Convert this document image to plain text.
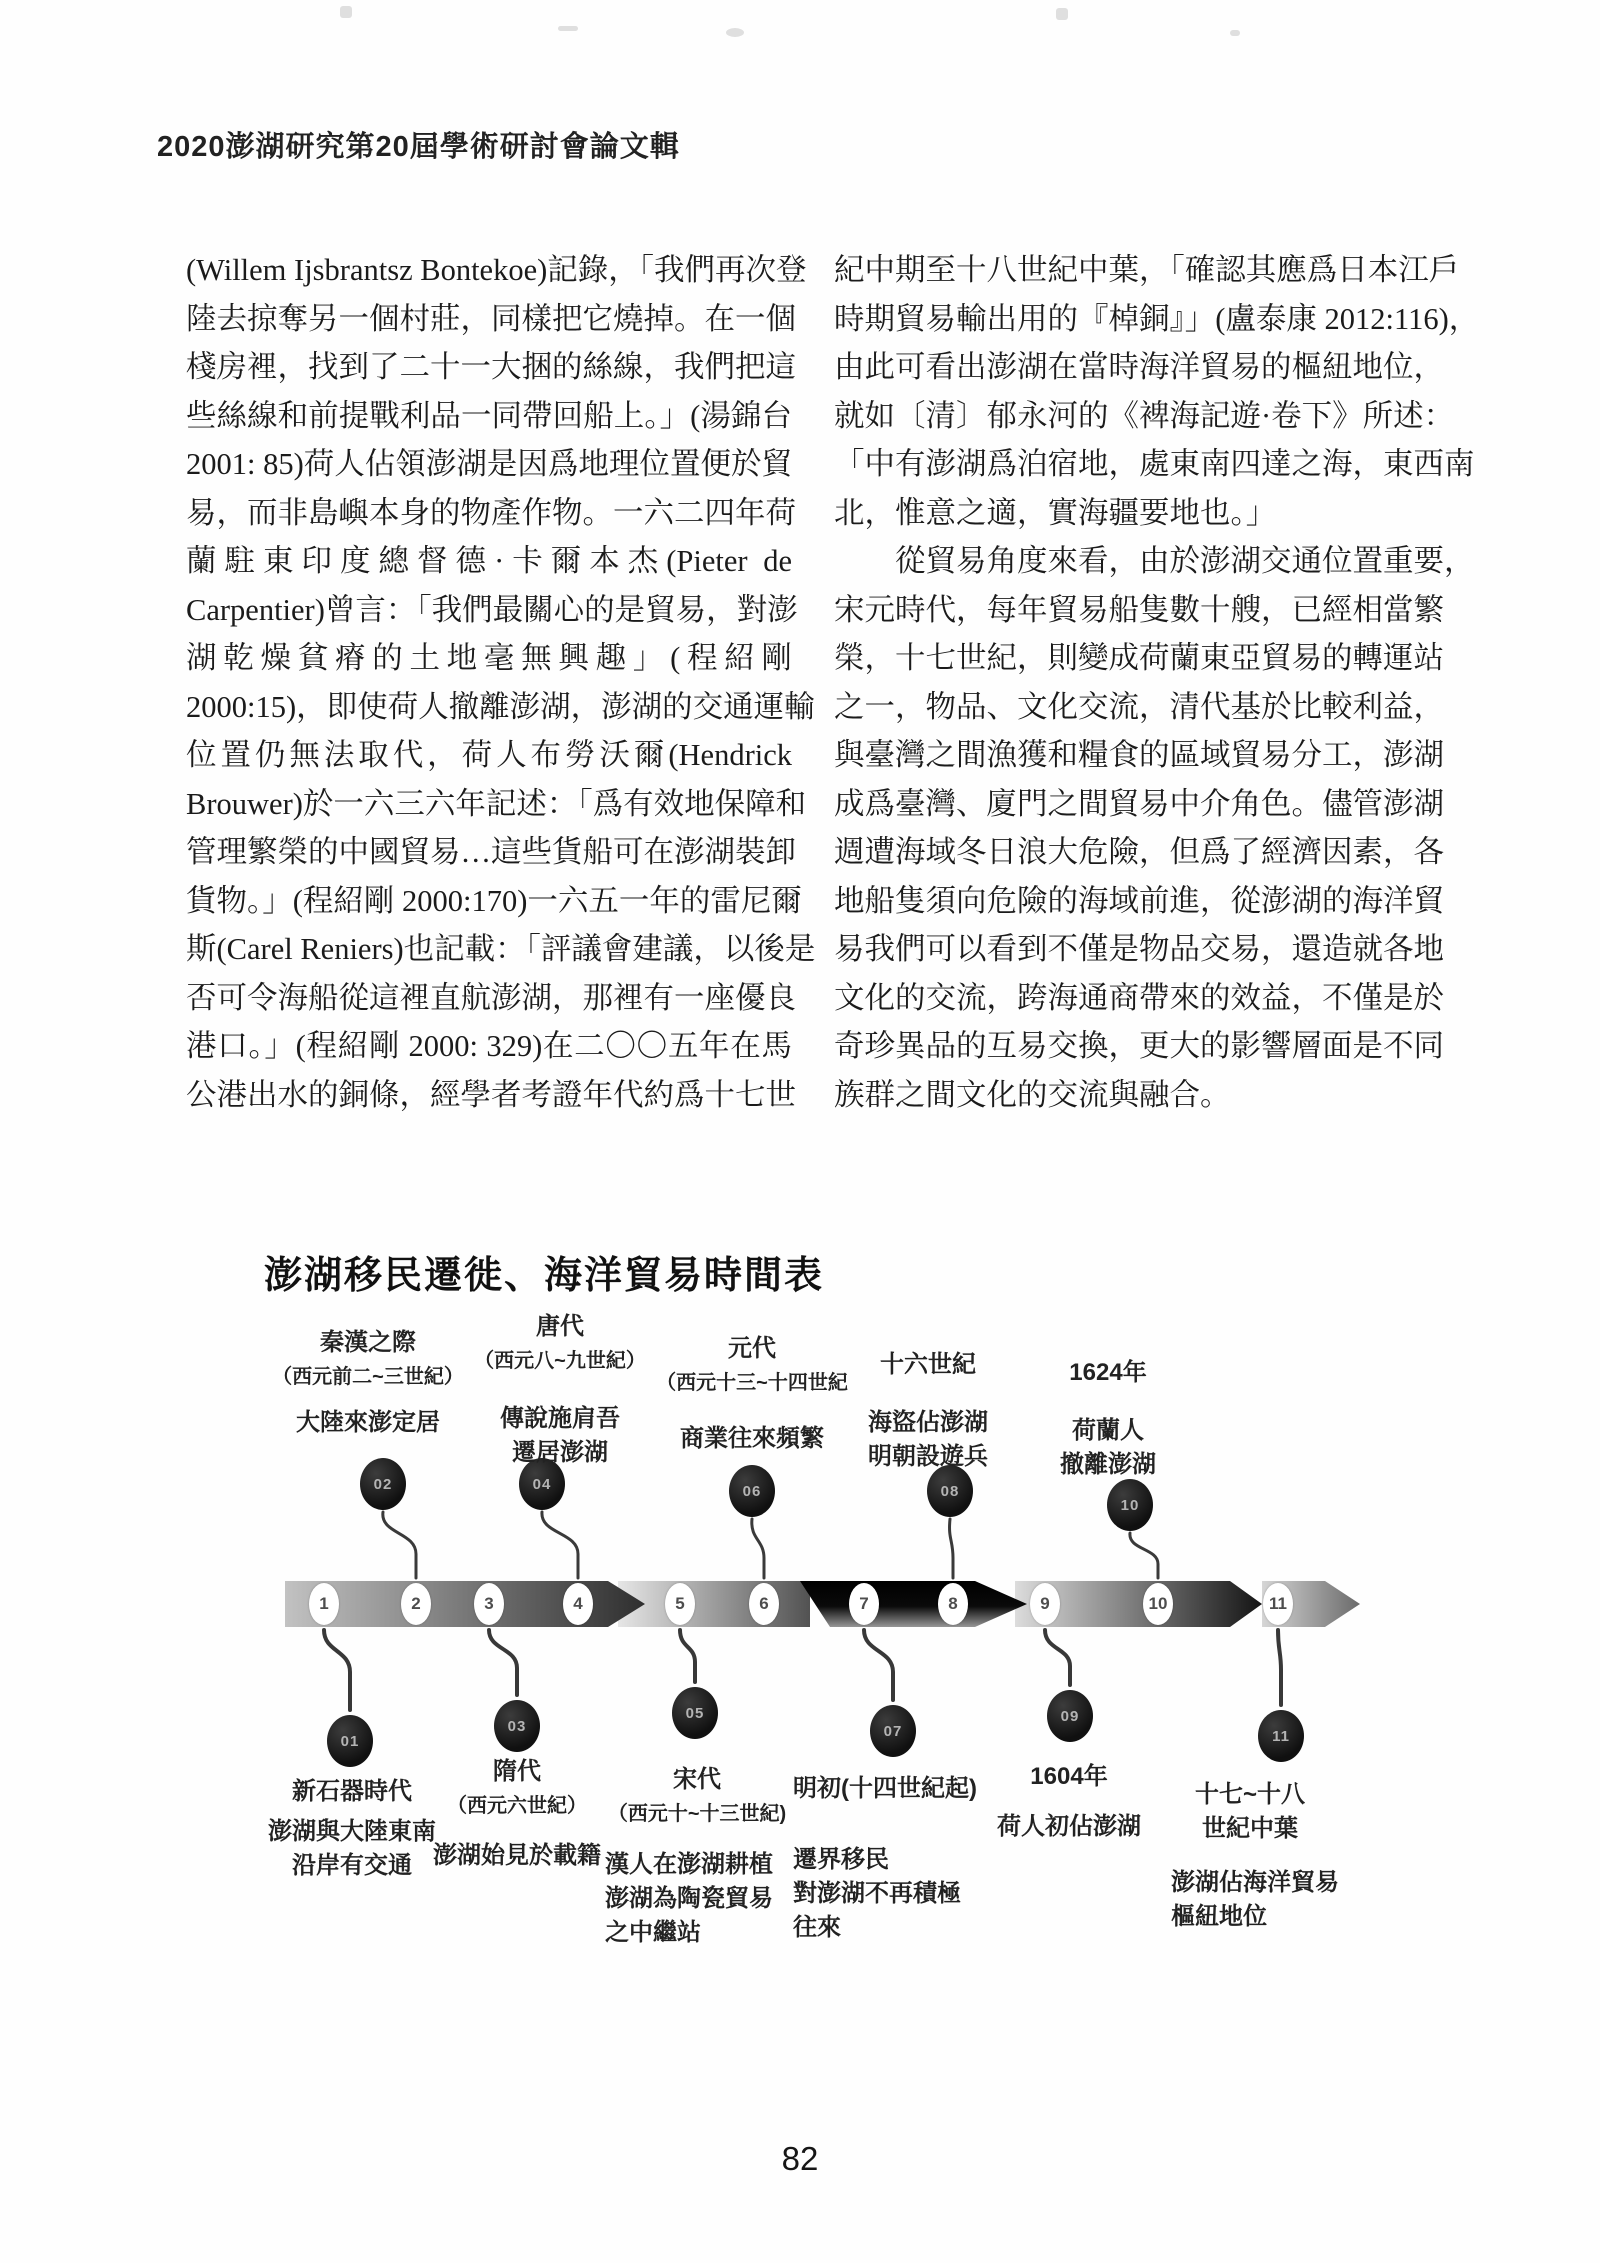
2020澎湖研究第20屆學術研討會論文輯
(Willem Ijsbrantsz Bontekoe)記錄，「我們再次登
陸去掠奪另一個村莊，同樣把它燒掉。在一個
棧房裡，找到了二十一大捆的絲線，我們把這
些絲線和前提戰利品一同帶回船上。」(湯錦台
2001: 85)荷人佔領澎湖是因爲地理位置便於貿
易，而非島嶼本身的物產作物。一六二四年荷
蘭駐東印度總督德·卡爾本杰(Pieter de
Carpentier)曾言：「我們最關心的是貿易，對澎
湖乾燥貧瘠的土地毫無興趣」(程紹剛
2000:15)，即使荷人撤離澎湖，澎湖的交通運輸
位置仍無法取代，荷人布勞沃爾(Hendrick
Brouwer)於一六三六年記述：「爲有效地保障和
管理繁榮的中國貿易…這些貨船可在澎湖裝卸
貨物。」(程紹剛 2000:170)一六五一年的雷尼爾
斯(Carel Reniers)也記載：「評議會建議，以後是
否可令海船從這裡直航澎湖，那裡有一座優良
港口。」(程紹剛 2000: 329)在二〇〇五年在馬
公港出水的銅條，經學者考證年代約爲十七世
紀中期至十八世紀中葉，「確認其應爲日本江戶
時期貿易輸出用的『棹銅』」(盧泰康 2012:116)，
由此可看出澎湖在當時海洋貿易的樞紐地位，
就如〔清〕郁永河的《裨海記遊·卷下》所述：
「中有澎湖爲泊宿地，處東南四達之海，東西南
北，惟意之適，實海疆要地也。」
從貿易角度來看，由於澎湖交通位置重要，
宋元時代，每年貿易船隻數十艘，已經相當繁
榮，十七世紀，則變成荷蘭東亞貿易的轉運站
之一，物品、文化交流，清代基於比較利益，
與臺灣之間漁獲和糧食的區域貿易分工，澎湖
成爲臺灣、廈門之間貿易中介角色。儘管澎湖
週遭海域冬日浪大危險，但爲了經濟因素，各
地船隻須向危險的海域前進，從澎湖的海洋貿
易我們可以看到不僅是物品交易，還造就各地
文化的交流，跨海通商帶來的效益，不僅是於
奇珍異品的互易交換，更大的影響層面是不同
族群之間文化的交流與融合。
澎湖移民遷徙、海洋貿易時間表
1	2	3	4	5	6	7	8	9	10	11
01
02
03
04
05
06
07
08
09
10
11
秦漢之際
（西元前二~三世紀）
大陸來澎定居
唐代
（西元八~九世紀）
傳說施肩吾
遷居澎湖
元代
（西元十三~十四世紀
商業往來頻繁
十六世紀
海盜佔澎湖
明朝設遊兵
1624年
荷蘭人
撤離澎湖
新石器時代
澎湖與大陸東南
沿岸有交通
隋代
（西元六世紀）
澎湖始見於載籍
宋代
（西元十~十三世紀)
漢人在澎湖耕植
澎湖為陶瓷貿易
之中繼站
明初(十四世紀起)
遷界移民
對澎湖不再積極
往來
1604年
荷人初佔澎湖
十七~十八
世紀中葉
澎湖佔海洋貿易
樞紐地位
82
